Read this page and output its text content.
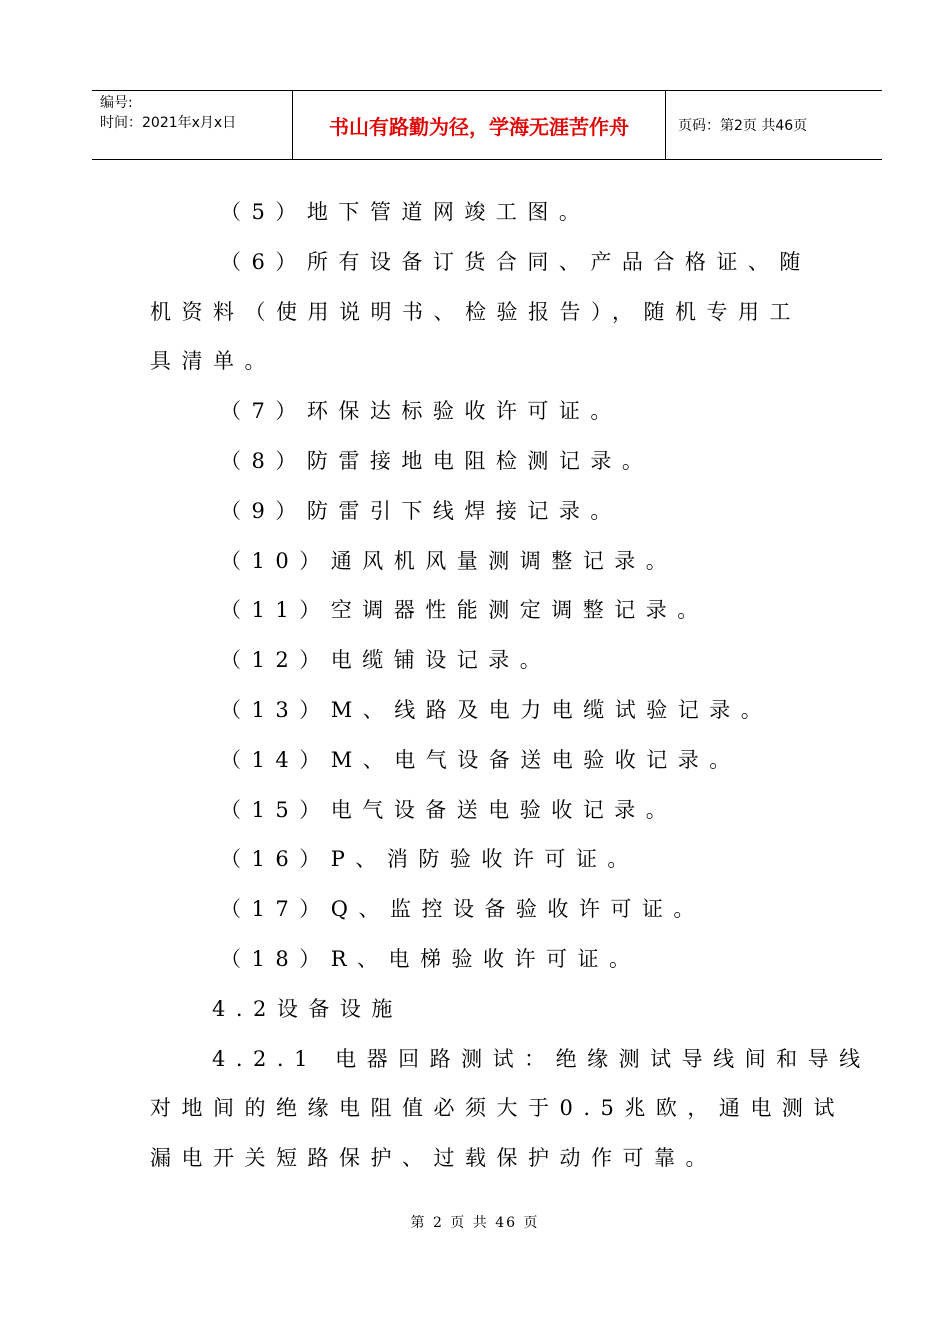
编号:
时间：2021年x月x日	书山有路勤为径，学海无涯苦作舟	页码：第2页 共46页
（5）地下管道网竣工图。
（6）所有设备订货合同、产品合格证、随
机资料（使用说明书、检验报告），随机专用工
具清单。
（7）环保达标验收许可证。
（8）防雷接地电阻检测记录。
（9）防雷引下线焊接记录。
（10）通风机风量测调整记录。
（11）空调器性能测定调整记录。
（12）电缆铺设记录。
（13）M、线路及电力电缆试验记录。
（14）M、电气设备送电验收记录。
（15）电气设备送电验收记录。
（16）P、消防验收许可证。
（17）Q、监控设备验收许可证。
（18）R、电梯验收许可证。
4.2设备设施
4.2.1 电器回路测试：绝缘测试导线间和导线
对地间的绝缘电阻值必须大于0.5兆欧，通电测试
漏电开关短路保护、过载保护动作可靠。
第 2 页 共 46 页
